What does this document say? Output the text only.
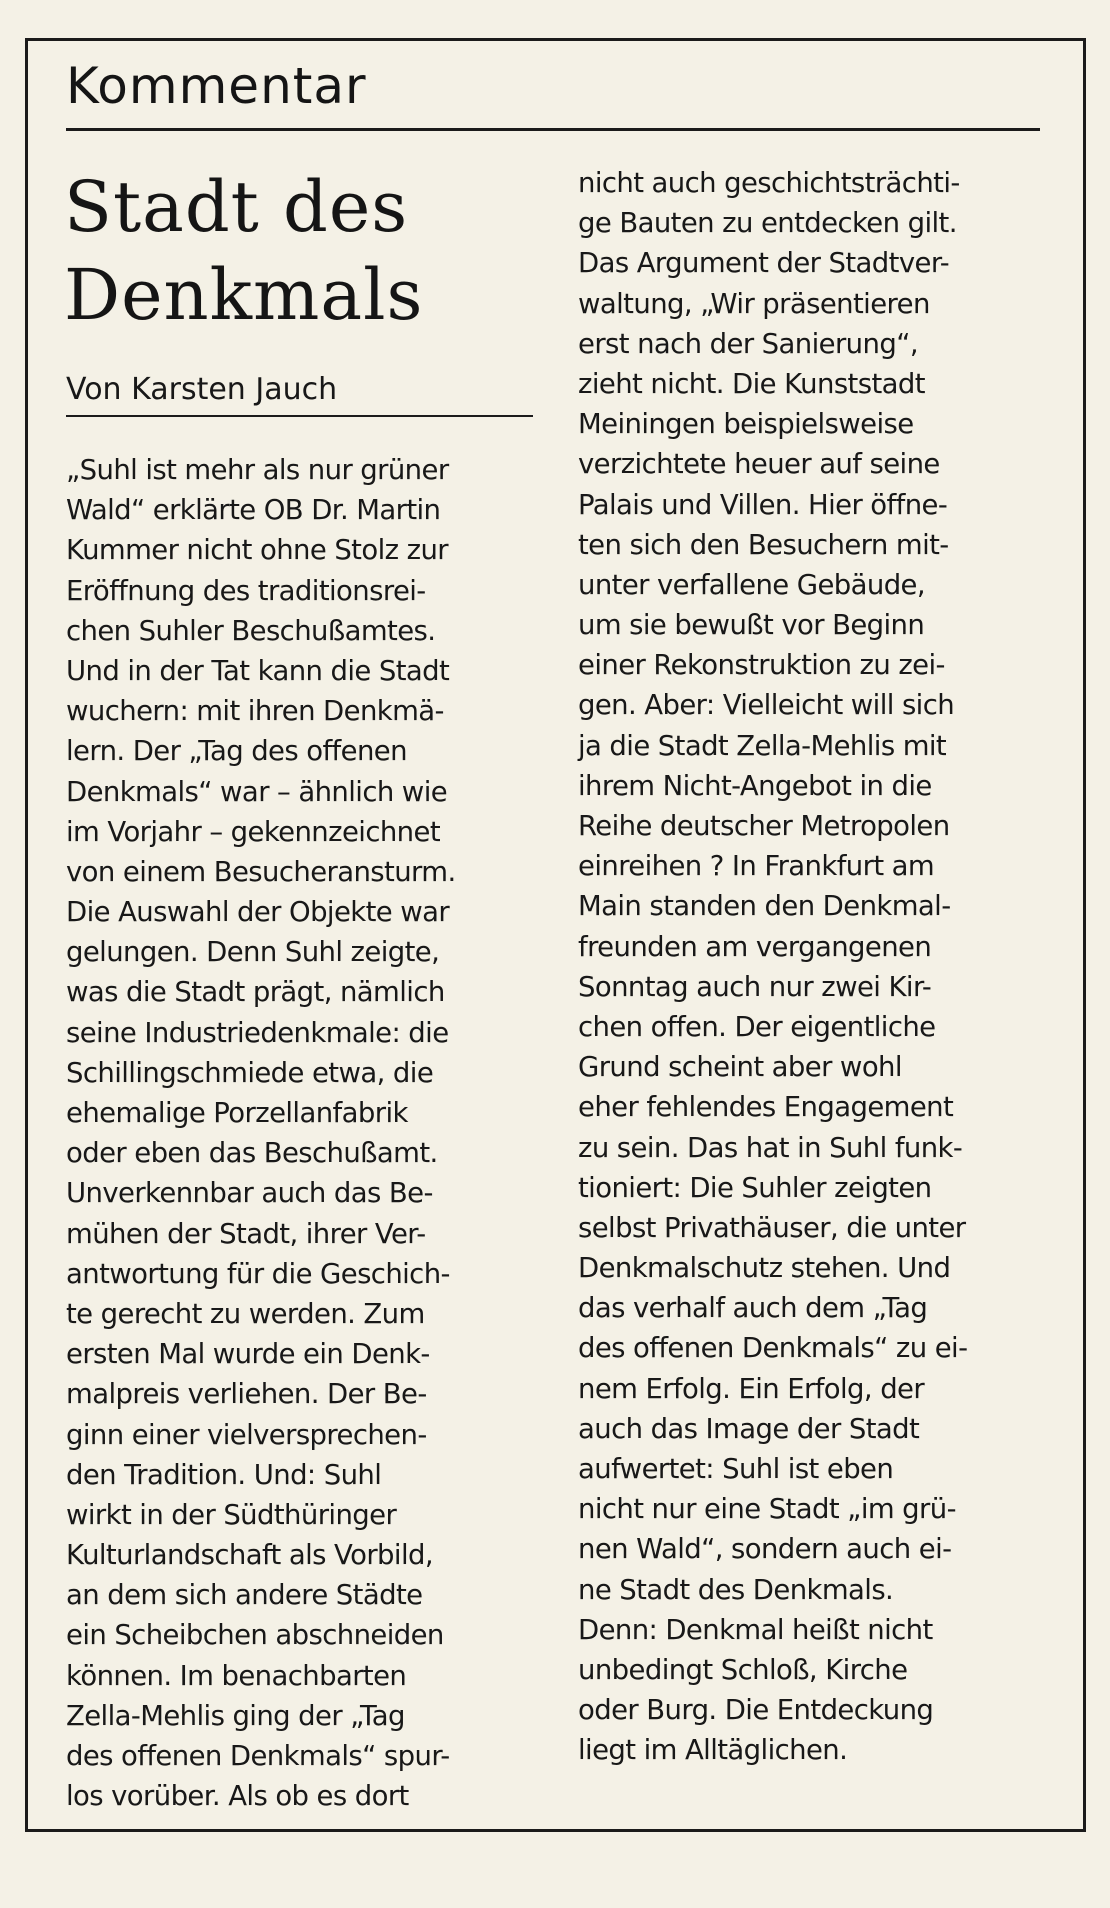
Kommentar
Stadt des
Denkmals
Von Karsten Jauch
„Suhl ist mehr als nur grüner
Wald“ erklärte OB Dr. Martin
Kummer nicht ohne Stolz zur
Eröffnung des traditionsrei-
chen Suhler Beschußamtes.
Und in der Tat kann die Stadt
wuchern: mit ihren Denkmä-
lern. Der „Tag des offenen
Denkmals“ war – ähnlich wie
im Vorjahr – gekennzeichnet
von einem Besucheransturm.
Die Auswahl der Objekte war
gelungen. Denn Suhl zeigte,
was die Stadt prägt, nämlich
seine Industriedenkmale: die
Schillingschmiede etwa, die
ehemalige Porzellanfabrik
oder eben das Beschußamt.
Unverkennbar auch das Be-
mühen der Stadt, ihrer Ver-
antwortung für die Geschich-
te gerecht zu werden. Zum
ersten Mal wurde ein Denk-
malpreis verliehen. Der Be-
ginn einer vielversprechen-
den Tradition. Und: Suhl
wirkt in der Südthüringer
Kulturlandschaft als Vorbild,
an dem sich andere Städte
ein Scheibchen abschneiden
können. Im benachbarten
Zella-Mehlis ging der „Tag
des offenen Denkmals“ spur-
los vorüber. Als ob es dort
nicht auch geschichtsträchti-
ge Bauten zu entdecken gilt.
Das Argument der Stadtver-
waltung, „Wir präsentieren
erst nach der Sanierung“,
zieht nicht. Die Kunststadt
Meiningen beispielsweise
verzichtete heuer auf seine
Palais und Villen. Hier öffne-
ten sich den Besuchern mit-
unter verfallene Gebäude,
um sie bewußt vor Beginn
einer Rekonstruktion zu zei-
gen. Aber: Vielleicht will sich
ja die Stadt Zella-Mehlis mit
ihrem Nicht-Angebot in die
Reihe deutscher Metropolen
einreihen ? In Frankfurt am
Main standen den Denkmal-
freunden am vergangenen
Sonntag auch nur zwei Kir-
chen offen. Der eigentliche
Grund scheint aber wohl
eher fehlendes Engagement
zu sein. Das hat in Suhl funk-
tioniert: Die Suhler zeigten
selbst Privathäuser, die unter
Denkmalschutz stehen. Und
das verhalf auch dem „Tag
des offenen Denkmals“ zu ei-
nem Erfolg. Ein Erfolg, der
auch das Image der Stadt
aufwertet: Suhl ist eben
nicht nur eine Stadt „im grü-
nen Wald“, sondern auch ei-
ne Stadt des Denkmals.
Denn: Denkmal heißt nicht
unbedingt Schloß, Kirche
oder Burg. Die Entdeckung
liegt im Alltäglichen.
